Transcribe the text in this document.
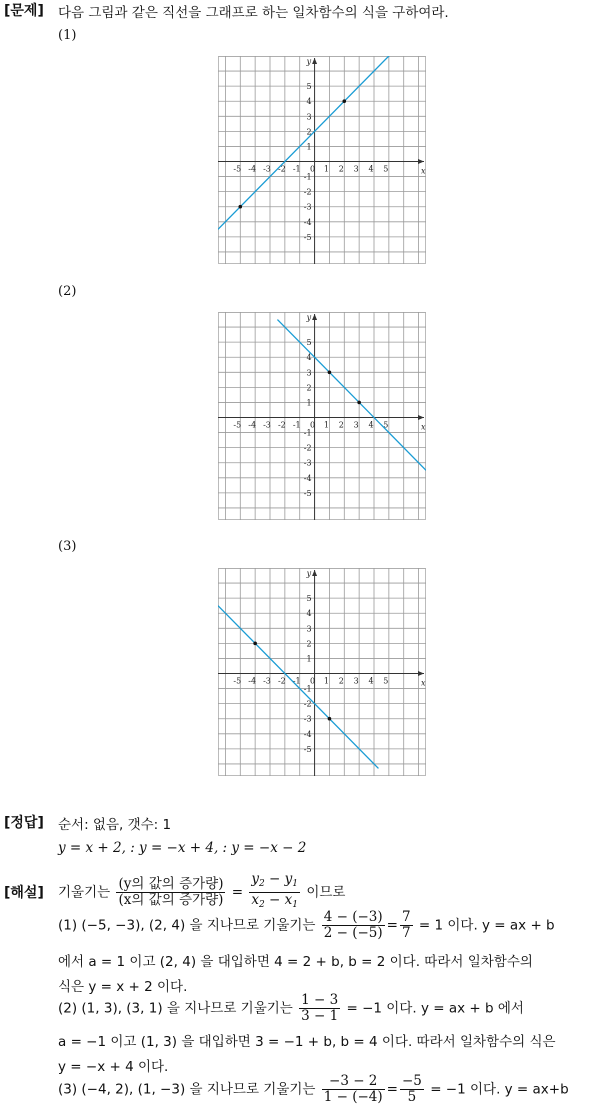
[문제] 다음 그림과 같은 직선을 그래프로 하는 일차함수의 식을 구하여라.
(1)
x
y
-5 -4 -3 -2 -1 0 1 2 3 4 5
5
4
3
2
1
-1
-2
-3
-4
-5
(2)
x
y
-5 -4 -3 -2 -1 0 1 2 3 4 5
5
4
3
2
1
-1
-2
-3
-4
-5
(3)
x
y
-5 -4 -3 -2 -1 0 1 2 3 4 5
5
4
3
2
1
-1
-2
-3
-4
-5
[정답] 순서: 없음, 갯수: 1
y = x + 2, : y = −x + 4, : y = −x − 2
[해설] 기울기는 $\frac{\text{(y의 값의 증가량)}}{\text{(x의 값의 증가량)}} = \frac{y_2 - y_1}{x_2 - x_1}$ 이므로
(1) (−5, −3), (2, 4) 을 지나므로 기울기는 $\frac{4 - (-3)}{2 - (-5)} = \frac{7}{7} = 1$ 이다. y = ax + b
에서 a = 1 이고 (2, 4) 을 대입하면 4 = 2 + b, b = 2 이다. 따라서 일차함수의
식은 y = x + 2 이다.
(2) (1, 3), (3, 1) 을 지나므로 기울기는 $\frac{1 - 3}{3 - 1} = -1$ 이다. y = ax + b 에서
a = −1 이고 (1, 3) 을 대입하면 3 = −1 + b, b = 4 이다. 따라서 일차함수의 식은
y = −x + 4 이다.
(3) (−4, 2), (1, −3) 을 지나므로 기울기는 $\frac{-3 - 2}{1 - (-4)} = \frac{-5}{5} = -1$ 이다. y = ax+b
